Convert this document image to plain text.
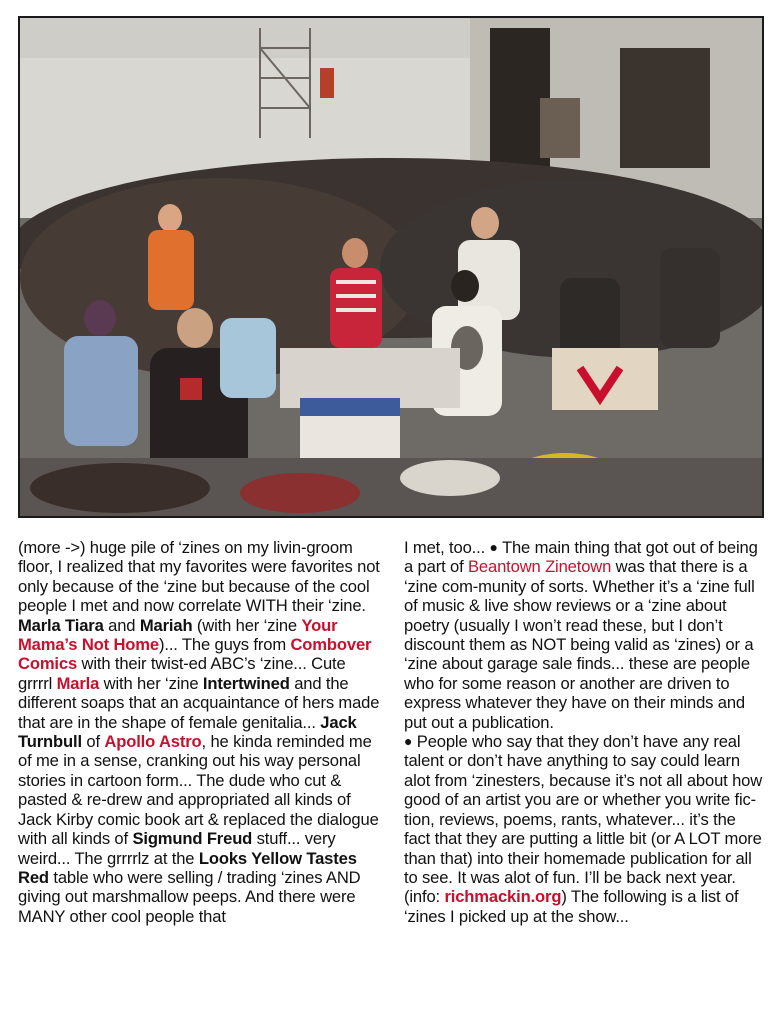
(more ->) huge pile of ‘zines on my livin-groom floor, I realized that my favorites were favorites not only because of the ‘zine but because of the cool people I met and now correlate WITH their ‘zine. Marla Tiara and Mariah (with her ‘zine Your Mama’s Not Home)... The guys from Combover Comics with their twist-ed ABC’s ‘zine... Cute grrrrl Marla with her ‘zine Intertwined and the different soaps that an acquaintance of hers made that are in the shape of female genitalia... Jack Turnbull of Apollo Astro, he kinda reminded me of me in a sense, cranking out his way personal stories in cartoon form... The dude who cut & pasted & re-drew and appropriated all kinds of Jack Kirby comic book art & replaced the dialogue with all kinds of Sigmund Freud stuff... very weird... The grrrrlz at the Looks Yellow Tastes Red table who were selling / trading ‘zines AND giving out marshmallow peeps. And there were MANY other cool people that

I met, too... ● The main thing that got out of being a part of Beantown Zinetown was that there is a ‘zine com-munity of sorts. Whether it’s a ‘zine full of music & live show reviews or a ‘zine about poetry (usually I won’t read these, but I don’t discount them as NOT being valid as ‘zines) or a ‘zine about garage sale finds... these are people who for some reason or another are driven to express whatever they have on their minds and put out a publication.
● People who say that they don’t have any real talent or don’t have anything to say could learn alot from ‘zinesters, because it’s not all about how good of an artist you are or whether you write fic-tion, reviews, poems, rants, whatever... it’s the fact that they are putting a little bit (or A LOT more than that) into their homemade publication for all to see. It was alot of fun. I’ll be back next year. (info: richmackin.org) The following is a list of ‘zines I picked up at the show...
